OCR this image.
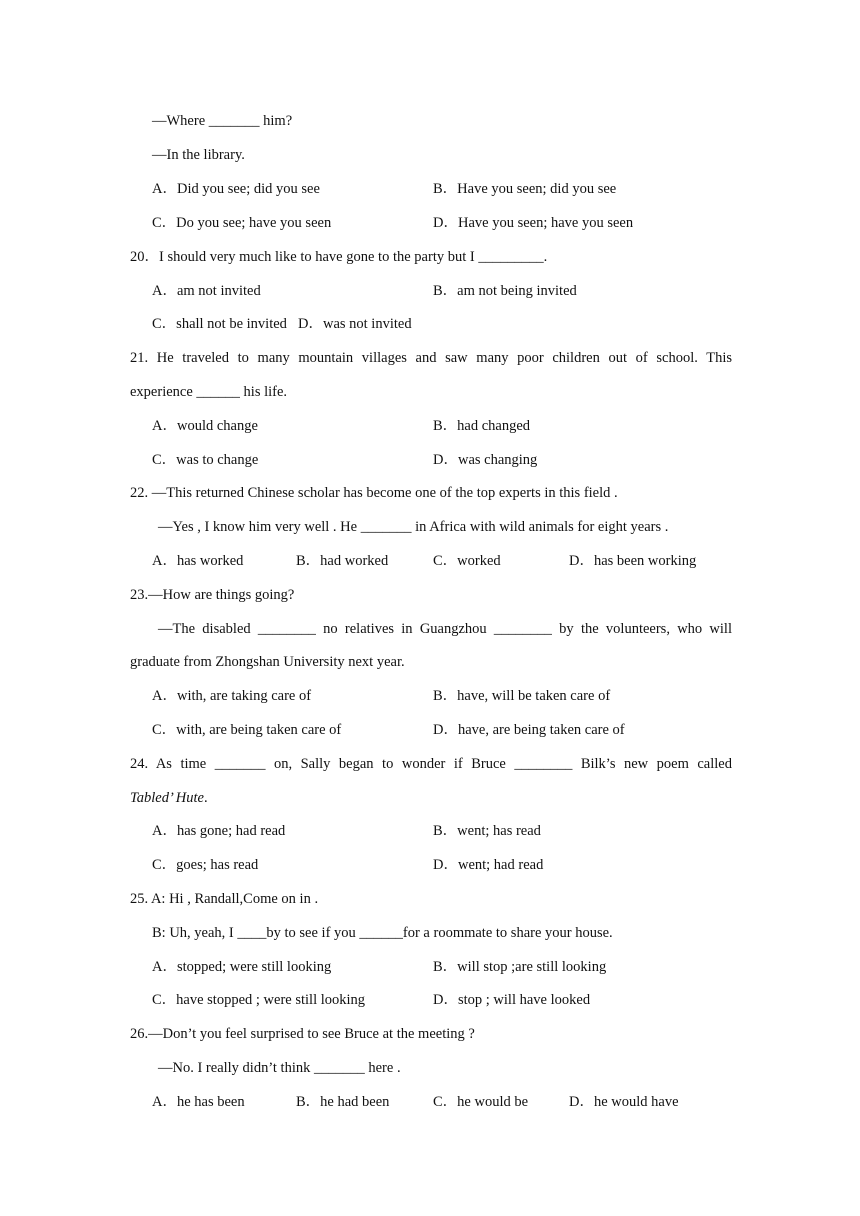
—Where _______ him?
—In the library.
A．Did you see; did you see	B．Have you seen; did you see
C．Do you see; have you seen	D．Have you seen; have you seen
20．I should very much like to have gone to the party but I _________.
A．am not invited	B．am not being invited
C．shall not be invited D．was not invited
21. He traveled to many mountain villages and saw many poor children out of school. This
experience ______ his life.
A．would change	B．had changed
C．was to change	D．was changing
22. —This returned Chinese scholar has become one of the top experts in this field .
—Yes , I know him very well . He _______ in Africa with wild animals for eight years .
A．has worked	B．had worked	C．worked	D．has been working
23.—How are things going?
—The disabled ________ no relatives in Guangzhou ________ by the volunteers, who will
graduate from Zhongshan University next year.
A．with, are taking care of	B．have, will be taken care of
C．with, are being taken care of	D．have, are being taken care of
24. As time _______ on, Sally began to wonder if Bruce ________ Bilk’s new poem called
Tabled’ Hute.
A．has gone; had read	B．went; has read
C．goes; has read	D．went; had read
25. A: Hi , Randall,Come on in .
B: Uh, yeah, I ____by to see if you ______for a roommate to share your house.
A．stopped; were still looking	B．will stop ;are still looking
C．have stopped ; were still looking	D．stop ; will have looked
26.—Don’t you feel surprised to see Bruce at the meeting ?
—No. I really didn’t think _______ here .
A．he has been	B．he had been	C．he would be	D．he would have
